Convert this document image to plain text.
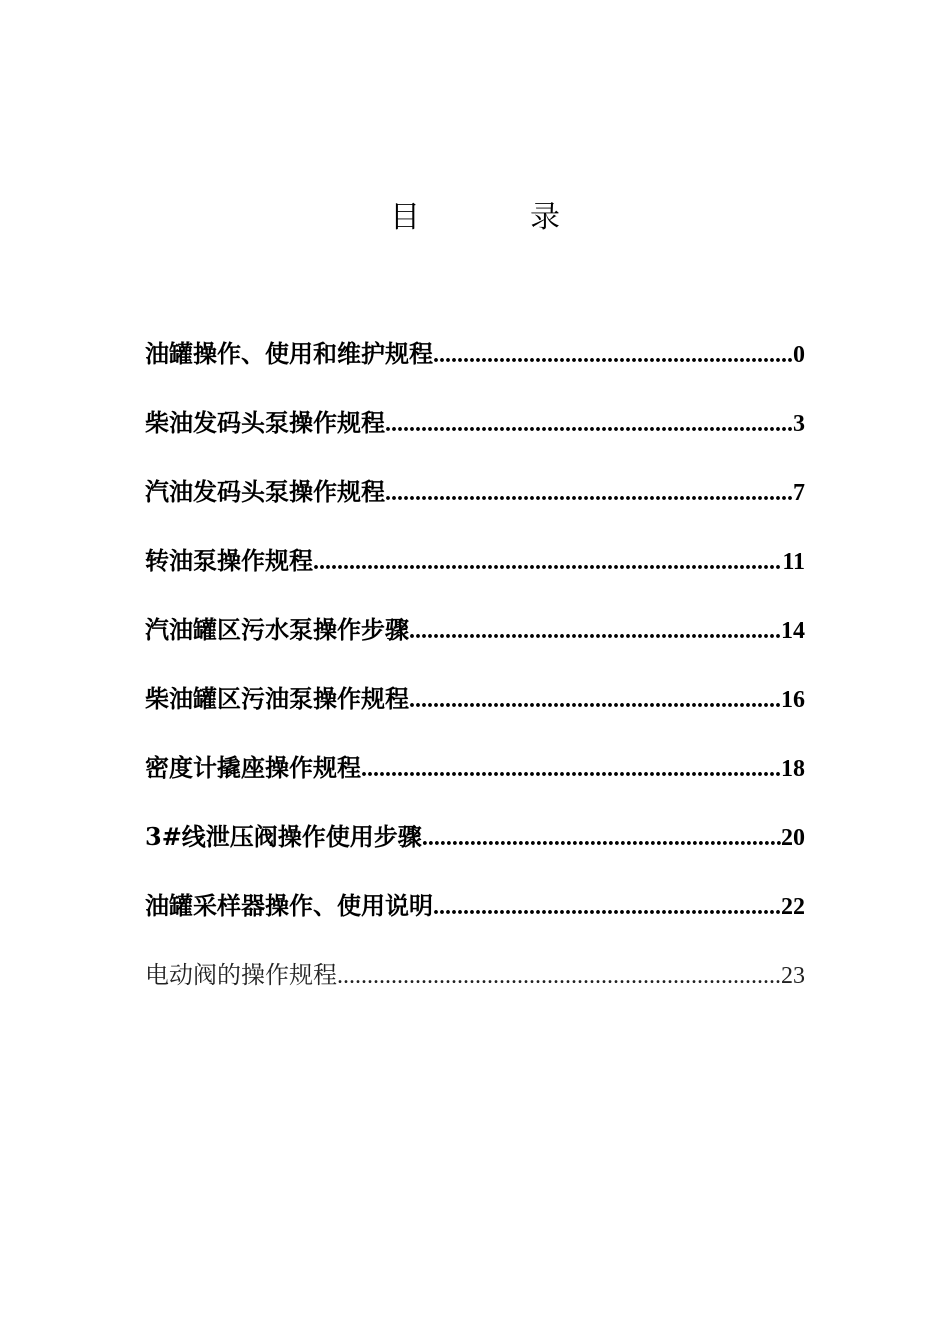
目　录
油罐操作、使用和维护规程 .....	0
柴油发码头泵操作规程 .....	3
汽油发码头泵操作规程 .....	7
转油泵操作规程 .....	11
汽油罐区污水泵操作步骤 .....	14
柴油罐区污油泵操作规程 .....	16
密度计撬座操作规程 .....	18
3#线泄压阀操作使用步骤 .....	20
油罐采样器操作、使用说明 .....	22
电动阀的操作规程 .....	23
